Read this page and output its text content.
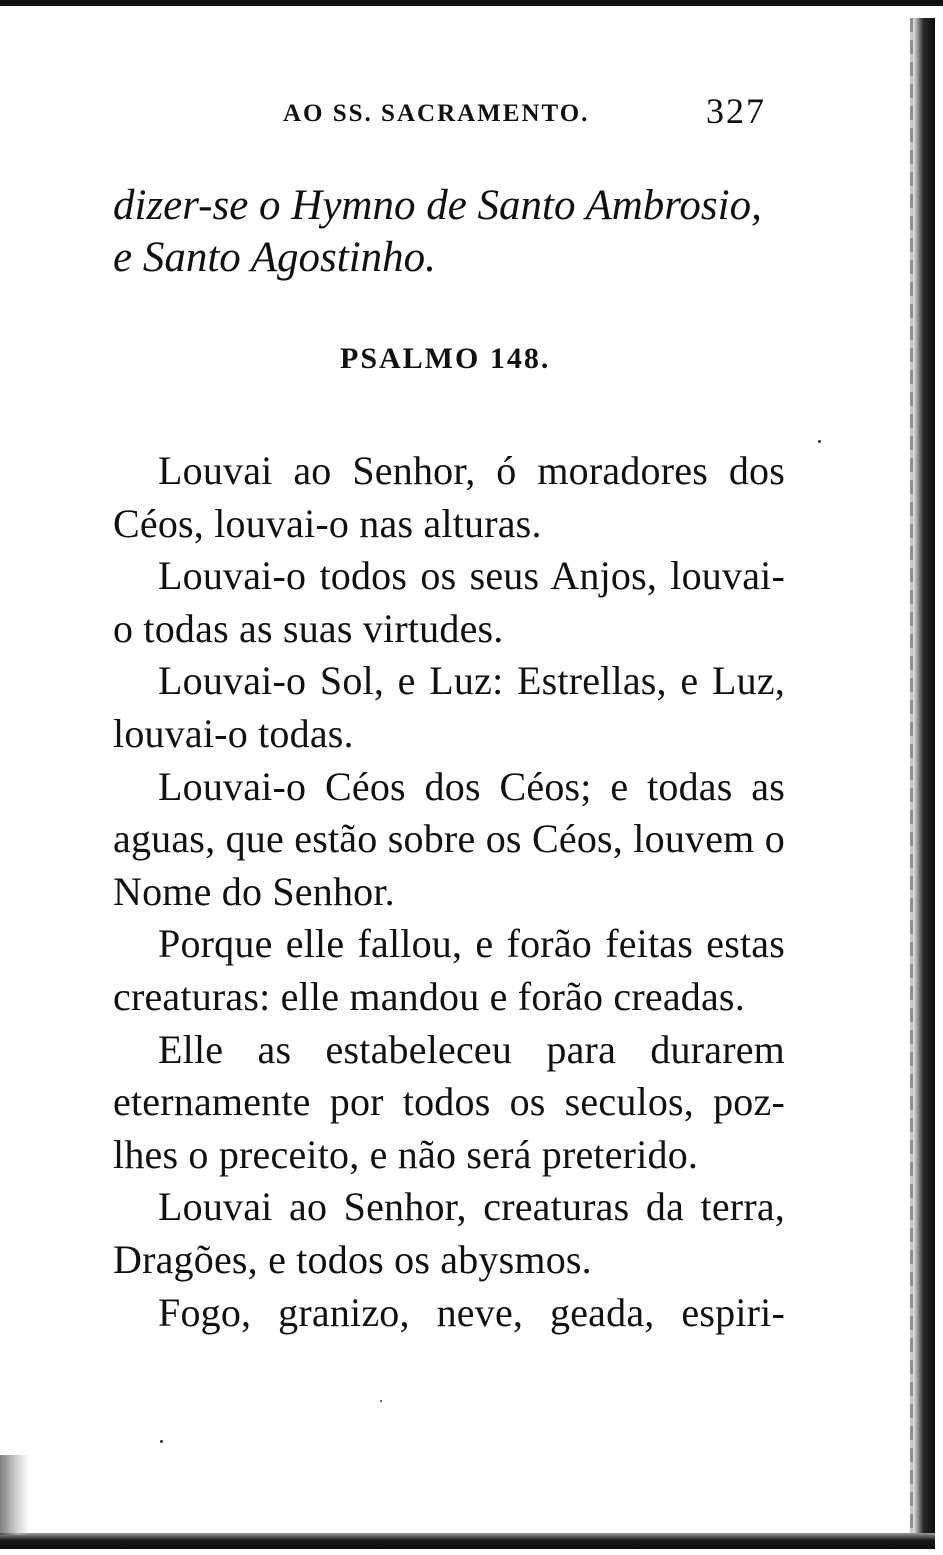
AO SS. SACRAMENTO.	327
dizer-se o Hymno de Santo Ambrosio,
e Santo Agostinho.
PSALMO 148.

Louvai ao Senhor, ó moradores dos Céos, louvai-o nas alturas.

Louvai-o todos os seus Anjos, louvai-o todas as suas virtudes.

Louvai-o Sol, e Luz: Estrellas, e Luz, louvai-o todas.

Louvai-o Céos dos Céos; e todas as aguas, que estão sobre os Céos, louvem o Nome do Senhor.

Porque elle fallou, e forão feitas estas creaturas: elle mandou e forão creadas.

Elle as estabeleceu para durarem eternamente por todos os seculos, poz-lhes o preceito, e não será preterido.

Louvai ao Senhor, creaturas da terra, Dragões, e todos os abysmos.

Fogo, granizo, neve, geada, espiri-
